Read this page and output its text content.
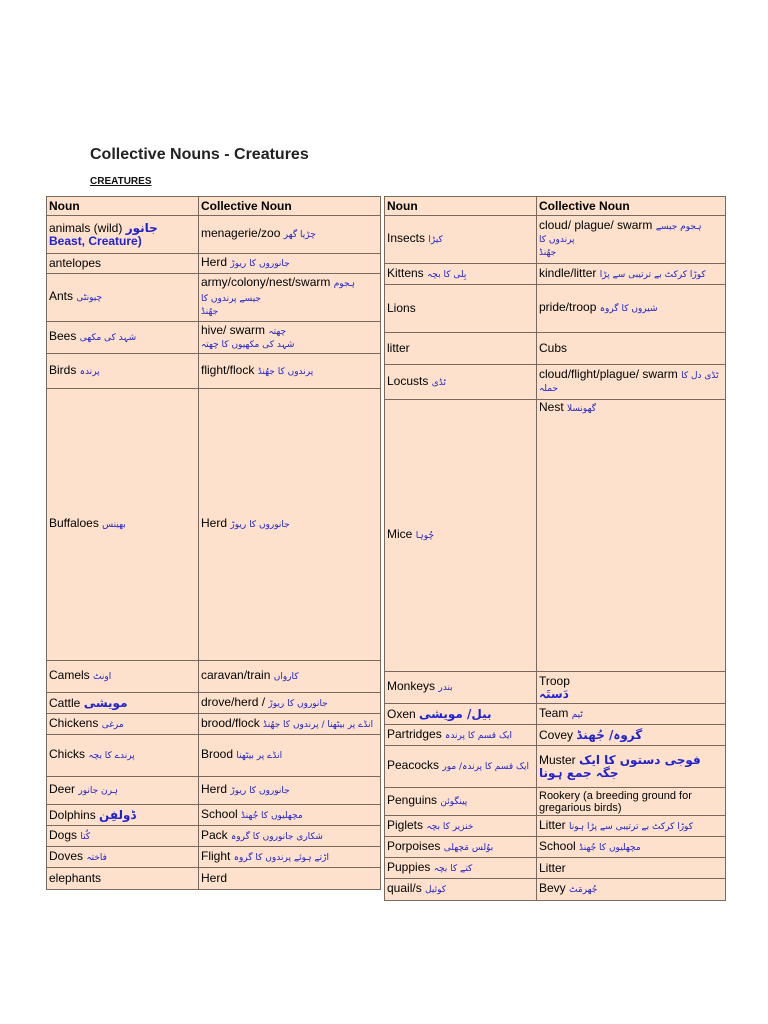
Collective Nouns - Creatures
CREATURES
Noun	Collective Noun
animals (wild) جانور Beast, Creature)	menagerie/zoo چڑیا گھر
antelopes	Herd جانوروں کا ریوڑ
Ants چیونٹی	army/colony/nest/swarm ہجوم جیسے پرندوں کا
جھُنڈ

Bees شہد کی مکھی	hive/ swarm چھتہ
شہد کی مکھیوں کا چھتہ

Birds پرندہ	flight/flock پرندوں کا جھُنڈ
Buffaloes بھینس	Herd جانوروں کا ریوڑ
Camels اونٹ	caravan/train کارواں
Cattle مویشی	drove/herd / جانوروں کا ریوڑ
Chickens مرغی	brood/flock انڈے پر بیٹھنا / پرندوں کا جھُنڈ
Chicks پرندے کا بچہ	Brood انڈے پر بیٹھنا
Deer ہرن جانور	Herd جانوروں کا ریوڑ
Dolphins ڈولفِن	School مچھلیوں کا جُھنڈ
Dogs کُتا	Pack شکاری جانوروں کا گروہ
Doves فاختہ	Flight اڑتے ہوئے پرندوں کا گروہ
elephants	Herd
Noun	Collective Noun
Insects کیڑا	cloud/ plague/ swarm ہجوم جیسے
پرندوں کا
جھُنڈ

Kittens بِلی کا بچہ	kindle/litter کوڑا کرکٹ بے ترتیبی سے پڑا
Lions	pride/troop شیروں کا گروہ
litter	Cubs
Locusts ٹڈی	cloud/flight/plague/ swarm ٹڈی دل کا
حملہ

Mice چُوہا	Nest گھونسلا
Monkeys بندر	Troop
دَستَہ

Oxen بیل/ مویشی	Team ٹیم
Partridges ایک قسم کا پرندہ	Covey گروہ/ جُھنڈ
Peacocks ایک قسم کا پرندہ/ مور	Muster فوجی دستوں کا ایک جگہ جمع ہونا
Penguins پینگوئن	Rookery (a breeding ground for gregarious birds)
Piglets خنزیر کا بچہ	Litter کوڑا کرکٹ بے ترتیبی سے پڑا ہونا
Porpoises بوُلس مَچھلی	School مچھلیوں کا جُھنڈ
Puppies کتے کا بچہ	Litter
quail/s کوئیل	Bevy جُھرمَٹ
